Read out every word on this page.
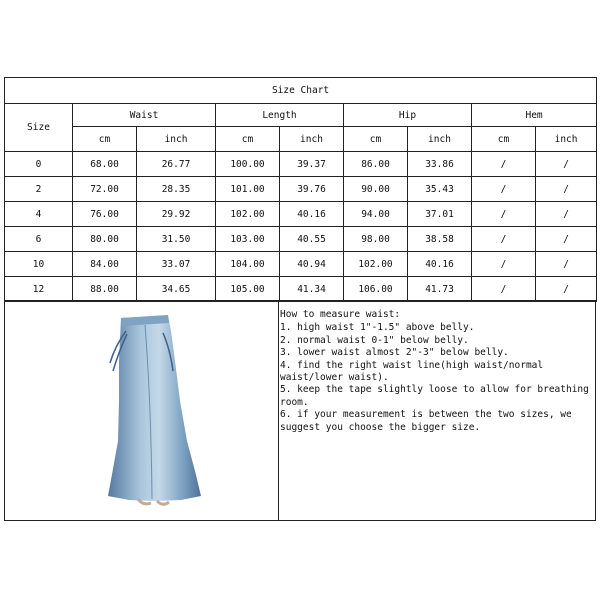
Size Chart								
Size	Waist		Length		Hip		Hem	
	cm	inch	cm	inch	cm	inch	cm	inch
0	68.00	26.77	100.00	39.37	86.00	33.86	/	/
2	72.00	28.35	101.00	39.76	90.00	35.43	/	/
4	76.00	29.92	102.00	40.16	94.00	37.01	/	/
6	80.00	31.50	103.00	40.55	98.00	38.58	/	/
10	84.00	33.07	104.00	40.94	102.00	40.16	/	/
12	88.00	34.65	105.00	41.34	106.00	41.73	/	/
How to measure waist:
1. high waist 1"-1.5" above belly.
2. normal waist 0-1" below belly.
3. lower waist almost 2"-3" below belly.
4. find the right waist line(high waist/normal waist/lower waist).
5. keep the tape slightly loose to allow for breathing room.
6. if your measurement is between the two sizes, we suggest you choose the bigger size.
